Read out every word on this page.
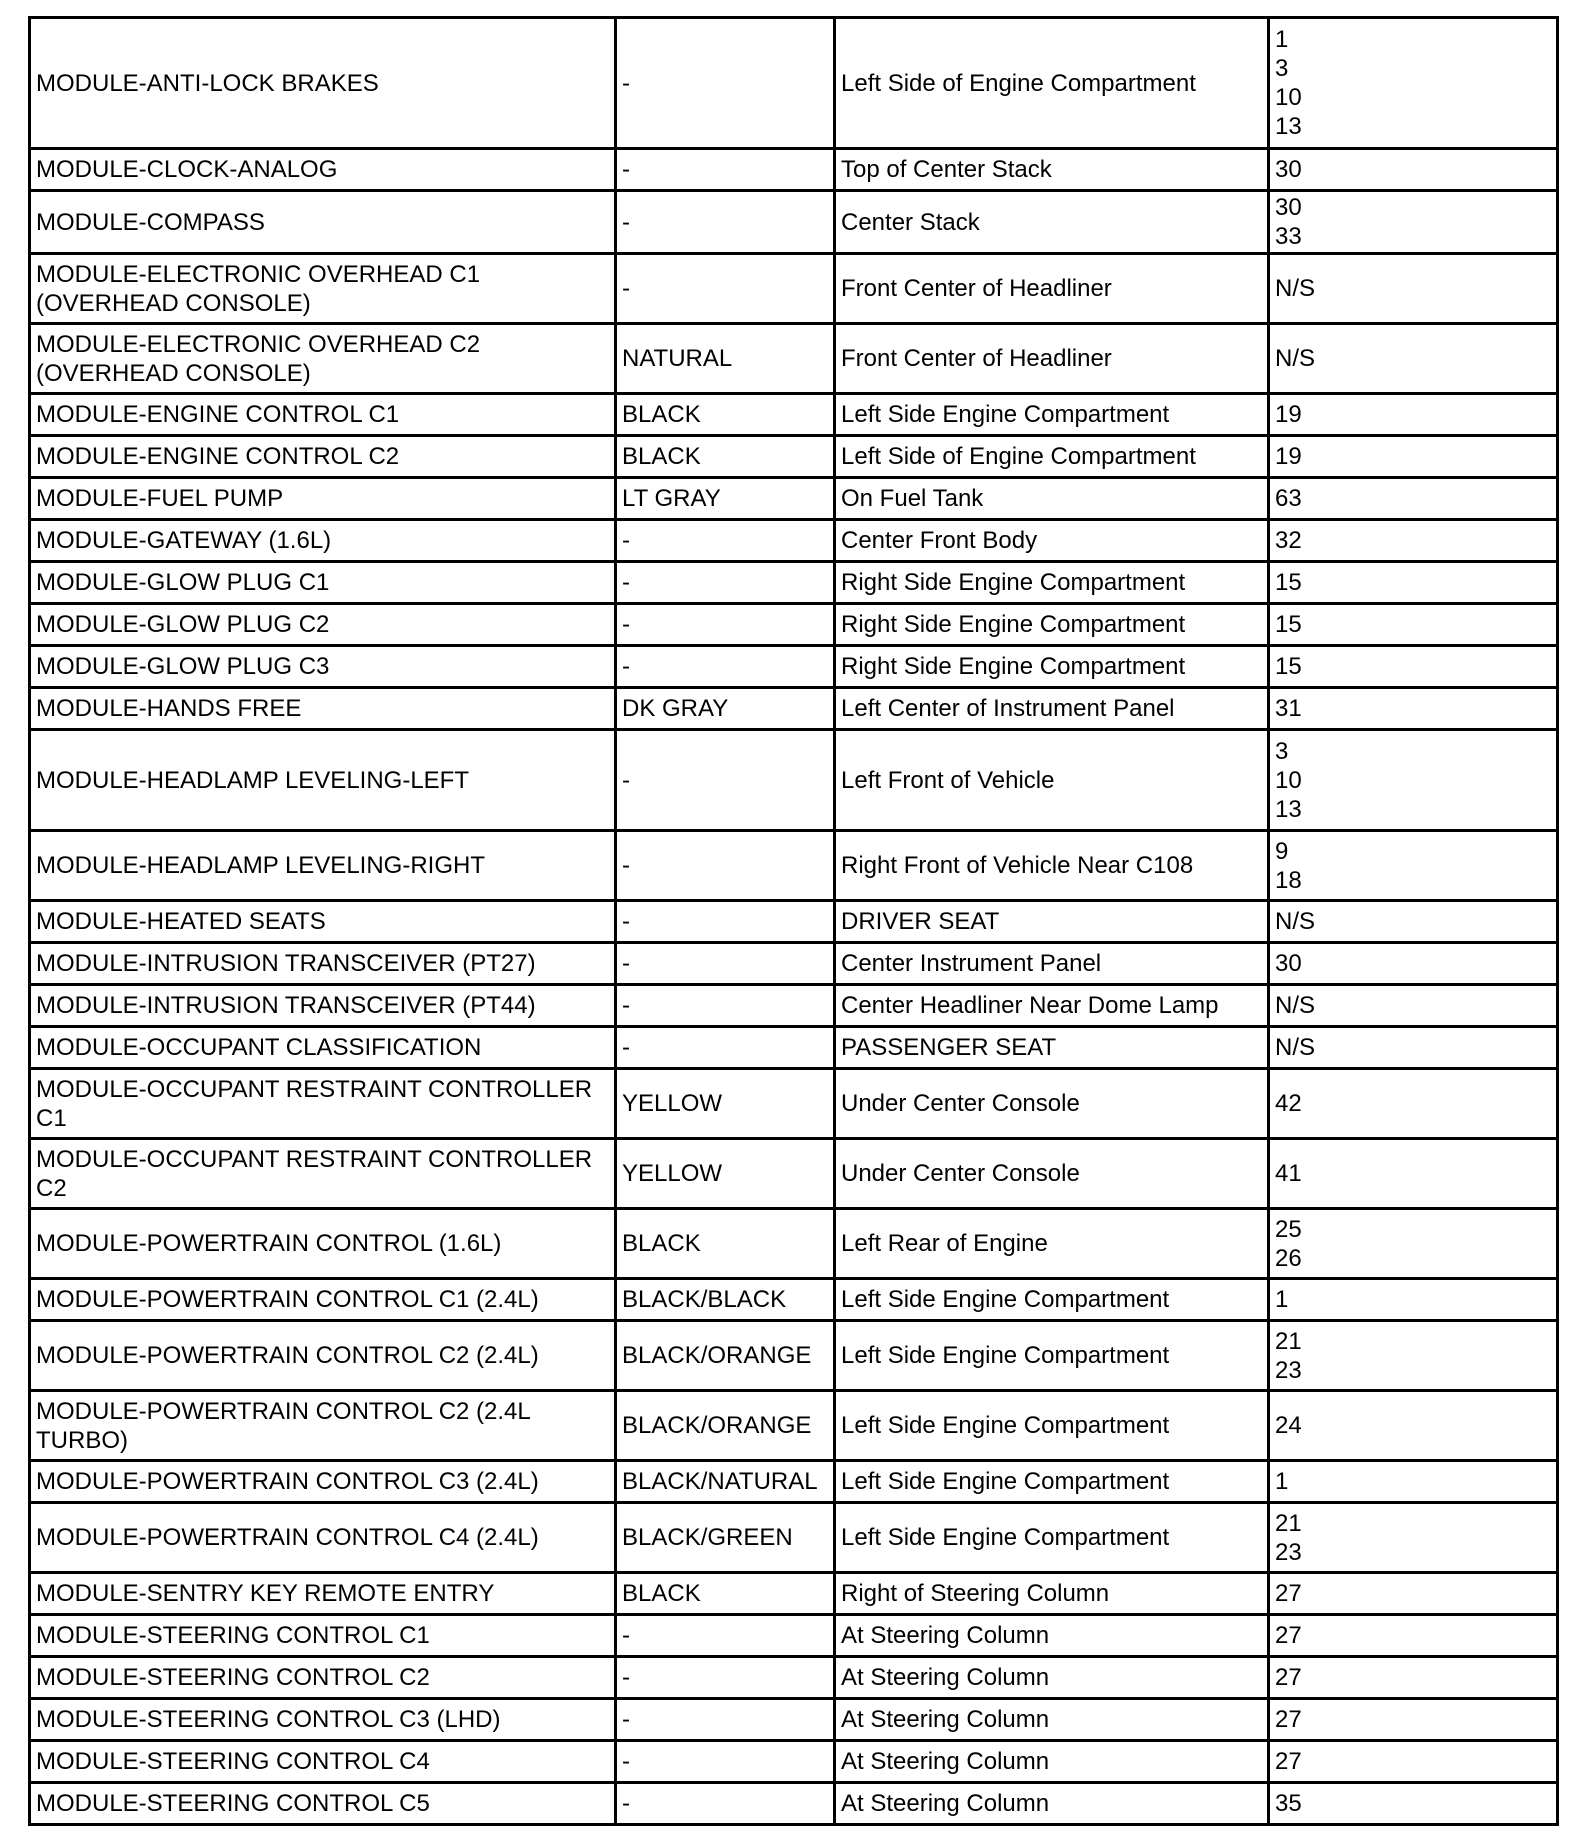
MODULE-ANTI-LOCK BRAKES	-	Left Side of Engine Compartment	1
3
10
13

MODULE-CLOCK-ANALOG	-	Top of Center Stack	30

MODULE-COMPASS	-	Center Stack	30
33

MODULE-ELECTRONIC OVERHEAD C1 (OVERHEAD CONSOLE)	-	Front Center of Headliner	N/S

MODULE-ELECTRONIC OVERHEAD C2 (OVERHEAD CONSOLE)	NATURAL	Front Center of Headliner	N/S

MODULE-ENGINE CONTROL C1	BLACK	Left Side Engine Compartment	19

MODULE-ENGINE CONTROL C2	BLACK	Left Side of Engine Compartment	19

MODULE-FUEL PUMP	LT GRAY	On Fuel Tank	63

MODULE-GATEWAY (1.6L)	-	Center Front Body	32

MODULE-GLOW PLUG C1	-	Right Side Engine Compartment	15

MODULE-GLOW PLUG C2	-	Right Side Engine Compartment	15

MODULE-GLOW PLUG C3	-	Right Side Engine Compartment	15

MODULE-HANDS FREE	DK GRAY	Left Center of Instrument Panel	31

MODULE-HEADLAMP LEVELING-LEFT	-	Left Front of Vehicle	3
10
13

MODULE-HEADLAMP LEVELING-RIGHT	-	Right Front of Vehicle Near C108	9
18

MODULE-HEATED SEATS	-	DRIVER SEAT	N/S

MODULE-INTRUSION TRANSCEIVER (PT27)	-	Center Instrument Panel	30

MODULE-INTRUSION TRANSCEIVER (PT44)	-	Center Headliner Near Dome Lamp	N/S

MODULE-OCCUPANT CLASSIFICATION	-	PASSENGER SEAT	N/S

MODULE-OCCUPANT RESTRAINT CONTROLLER C1	YELLOW	Under Center Console	42

MODULE-OCCUPANT RESTRAINT CONTROLLER C2	YELLOW	Under Center Console	41

MODULE-POWERTRAIN CONTROL (1.6L)	BLACK	Left Rear of Engine	25
26

MODULE-POWERTRAIN CONTROL C1 (2.4L)	BLACK/BLACK	Left Side Engine Compartment	1

MODULE-POWERTRAIN CONTROL C2 (2.4L)	BLACK/ORANGE	Left Side Engine Compartment	21
23

MODULE-POWERTRAIN CONTROL C2 (2.4L TURBO)	BLACK/ORANGE	Left Side Engine Compartment	24

MODULE-POWERTRAIN CONTROL C3 (2.4L)	BLACK/NATURAL	Left Side Engine Compartment	1

MODULE-POWERTRAIN CONTROL C4 (2.4L)	BLACK/GREEN	Left Side Engine Compartment	21
23

MODULE-SENTRY KEY REMOTE ENTRY	BLACK	Right of Steering Column	27

MODULE-STEERING CONTROL C1	-	At Steering Column	27

MODULE-STEERING CONTROL C2	-	At Steering Column	27

MODULE-STEERING CONTROL C3 (LHD)	-	At Steering Column	27

MODULE-STEERING CONTROL C4	-	At Steering Column	27

MODULE-STEERING CONTROL C5	-	At Steering Column	35
